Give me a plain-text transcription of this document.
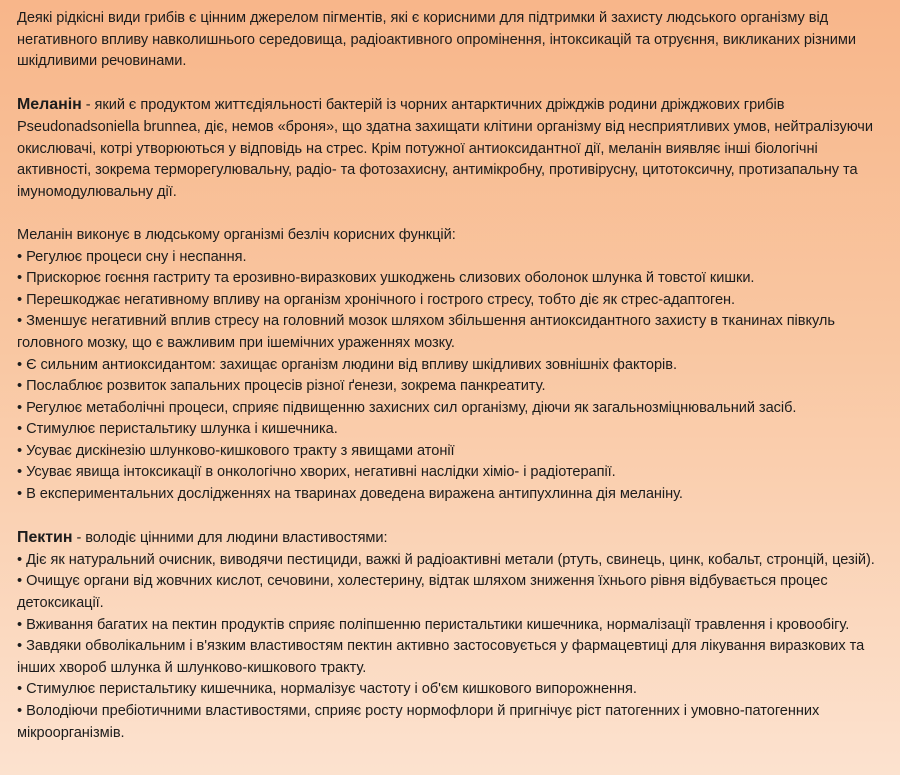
Деякі рідкісні види грибів є цінним джерелом пігментів, які є корисними для підтримки й захисту людського організму від негативного впливу навколишнього середовища, радіоактивного опромінення, інтоксикацій та отруєння, викликаних різними шкідливими речовинами.

Меланін - який є продуктом життєдіяльності бактерій із чорних антарктичних дріжджів родини дріжджових грибів Pseudonadsoniella brunnea, діє, немов «броня», що здатна захищати клітини організму від несприятливих умов, нейтралізуючи окислювачі, котрі утворюються у відповідь на стрес. Крім потужної антиоксидантної дії, меланін виявляє інші біологічні активності, зокрема терморегулювальну, радіо- та фотозахисну, антимікробну, противірусну, цитотоксичну, протизапальну та імуномодулювальну дії.

Меланін виконує в людському організмі безліч корисних функцій:

• Регулює процеси сну і неспання.
• Прискорює гоєння гастриту та ерозивно-виразкових ушкоджень слизових оболонок шлунка й товстої кишки.
• Перешкоджає негативному впливу на організм хронічного і гострого стресу, тобто діє як стрес-адаптоген.
• Зменшує негативний вплив стресу на головний мозок шляхом збільшення антиоксидантного захисту в тканинах півкуль головного мозку, що є важливим при ішемічних ураженнях мозку.
• Є сильним антиоксидантом: захищає організм людини від впливу шкідливих зовнішніх факторів.
• Послаблює розвиток запальних процесів різної ґенези, зокрема панкреатиту.
• Регулює метаболічні процеси, сприяє підвищенню захисних сил організму, діючи як загальнозміцнювальний засіб.
• Стимулює перистальтику шлунка і кишечника.
• Усуває дискінезію шлунково-кишкового тракту з явищами атонії
• Усуває явища інтоксикації в онкологічно хворих, негативні наслідки хіміо- і радіотерапії.
• В експериментальних дослідженнях на тваринах доведена виражена антипухлинна дія меланіну.

Пектин - володіє цінними для людини властивостями:

• Діє як натуральний очисник, виводячи пестициди, важкі й радіоактивні метали (ртуть, свинець, цинк, кобальт, стронцій, цезій).
• Очищує органи від жовчних кислот, сечовини, холестерину, відтак шляхом зниження їхнього рівня відбувається процес детоксикації.
• Вживання багатих на пектин продуктів сприяє поліпшенню перистальтики кишечника, нормалізації травлення і кровообігу.
• Завдяки обволікальним і в'язким властивостям пектин активно застосовується у фармацевтиці для лікування виразкових та інших хвороб шлунка й шлунково-кишкового тракту.
• Стимулює перистальтику кишечника, нормалізує частоту і об'єм кишкового випорожнення.
• Володіючи пребіотичними властивостями, сприяє росту нормофлори й пригнічує ріст патогенних і умовно-патогенних мікроорганізмів.
